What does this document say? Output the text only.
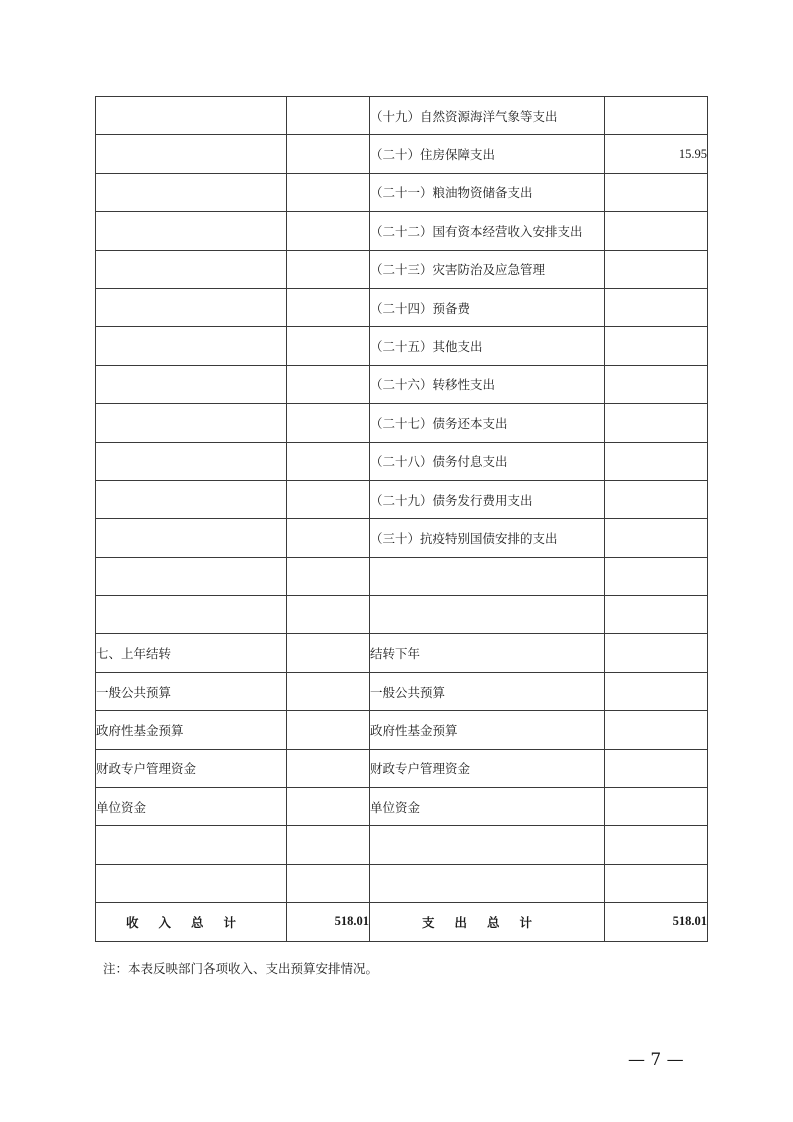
		（十九）自然资源海洋气象等支出	
		（二十）住房保障支出	15.95
		（二十一）粮油物资储备支出	
		（二十二）国有资本经营收入安排支出	
		（二十三）灾害防治及应急管理	
		（二十四）预备费	
		（二十五）其他支出	
		（二十六）转移性支出	
		（二十七）债务还本支出	
		（二十八）债务付息支出	
		（二十九）债务发行费用支出	
		（三十）抗疫特别国债安排的支出	

七、上年结转		结转下年	
一般公共预算		一般公共预算	
政府性基金预算		政府性基金预算	
财政专户管理资金		财政专户管理资金	
单位资金		单位资金	

收入总计	518.01	支出总计	518.01
注：本表反映部门各项收入、支出预算安排情况。
— 7 —
